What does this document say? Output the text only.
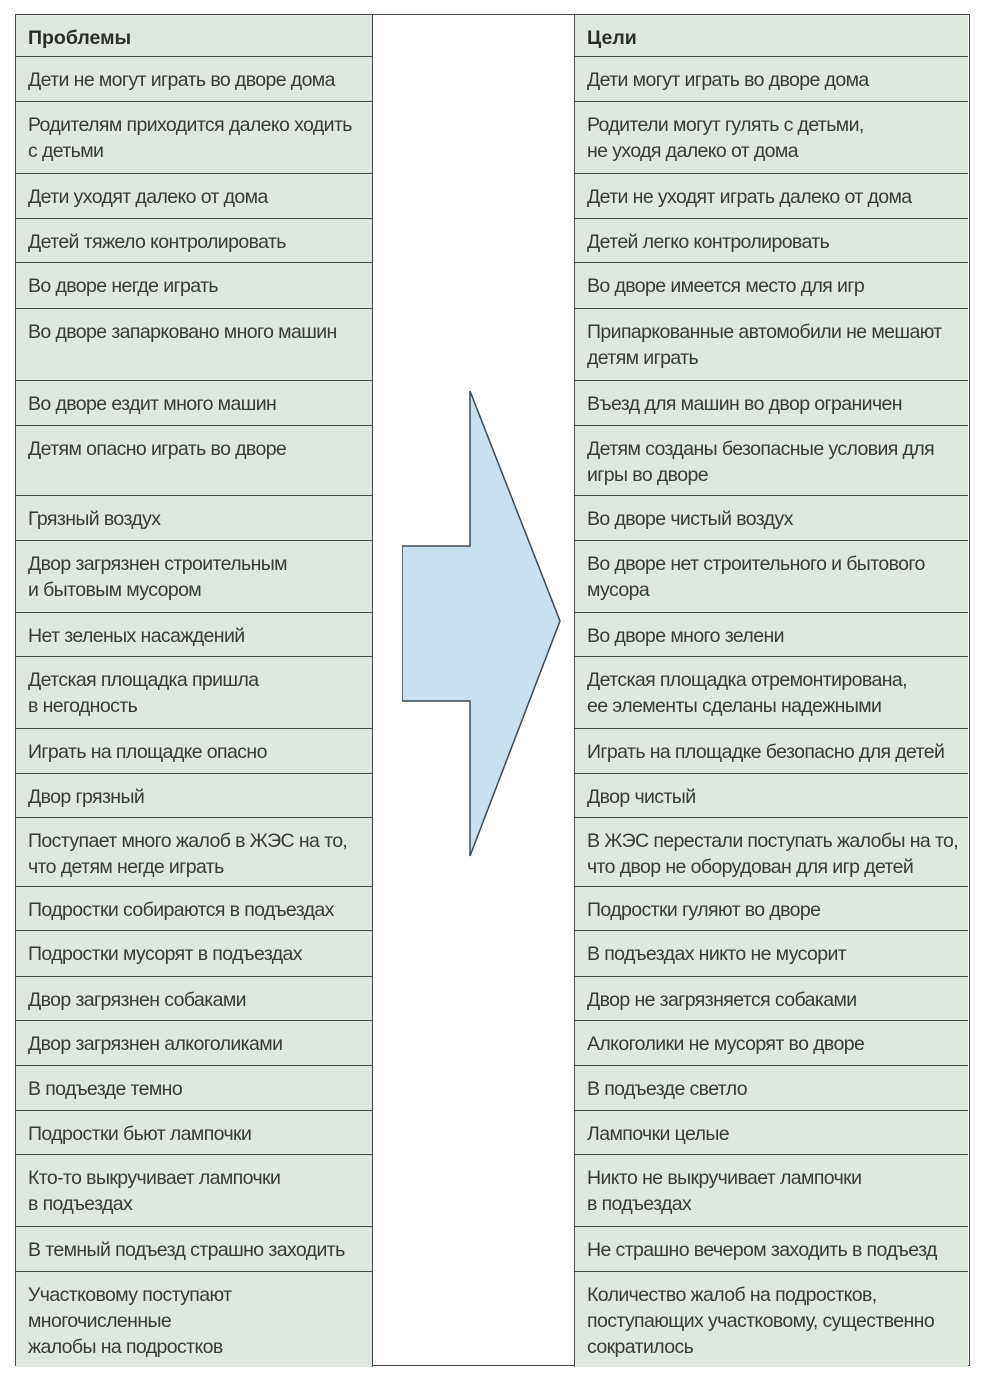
Проблемы
Дети не могут играть во дворе дома
Родителям приходится далеко ходить
с детьми
Дети уходят далеко от дома
Детей тяжело контролировать
Во дворе негде играть
Во дворе запарковано много машин
Во дворе ездит много машин
Детям опасно играть во дворе
Грязный воздух
Двор загрязнен строительным
и бытовым мусором
Нет зеленых насаждений
Детская площадка пришла
в негодность
Играть на площадке опасно
Двор грязный
Поступает много жалоб в ЖЭС на то,
что детям негде играть
Подростки собираются в подъездах
Подростки мусорят в подъездах
Двор загрязнен собаками
Двор загрязнен алкоголиками
В подъезде темно
Подростки бьют лампочки
Кто-то выкручивает лампочки
в подъездах
В темный подъезд страшно заходить
Участковому поступают
многочисленные
жалобы на подростков
Цели
Дети могут играть во дворе дома
Родители могут гулять с детьми,
не уходя далеко от дома
Дети не уходят играть далеко от дома
Детей легко контролировать
Во дворе имеется место для игр
Припаркованные автомобили не мешают
детям играть
Въезд для машин во двор ограничен
Детям созданы безопасные условия для
игры во дворе
Во дворе чистый воздух
Во дворе нет строительного и бытового
мусора
Во дворе много зелени
Детская площадка отремонтирована,
ее элементы сделаны надежными
Играть на площадке безопасно для детей
Двор чистый
В ЖЭС перестали поступать жалобы на то,
что двор не оборудован для игр детей
Подростки гуляют во дворе
В подъездах никто не мусорит
Двор не загрязняется собаками
Алкоголики не мусорят во дворе
В подъезде светло
Лампочки целые
Никто не выкручивает лампочки
в подъездах
Не страшно вечером заходить в подъезд
Количество жалоб на подростков,
поступающих участковому, существенно
сократилось
